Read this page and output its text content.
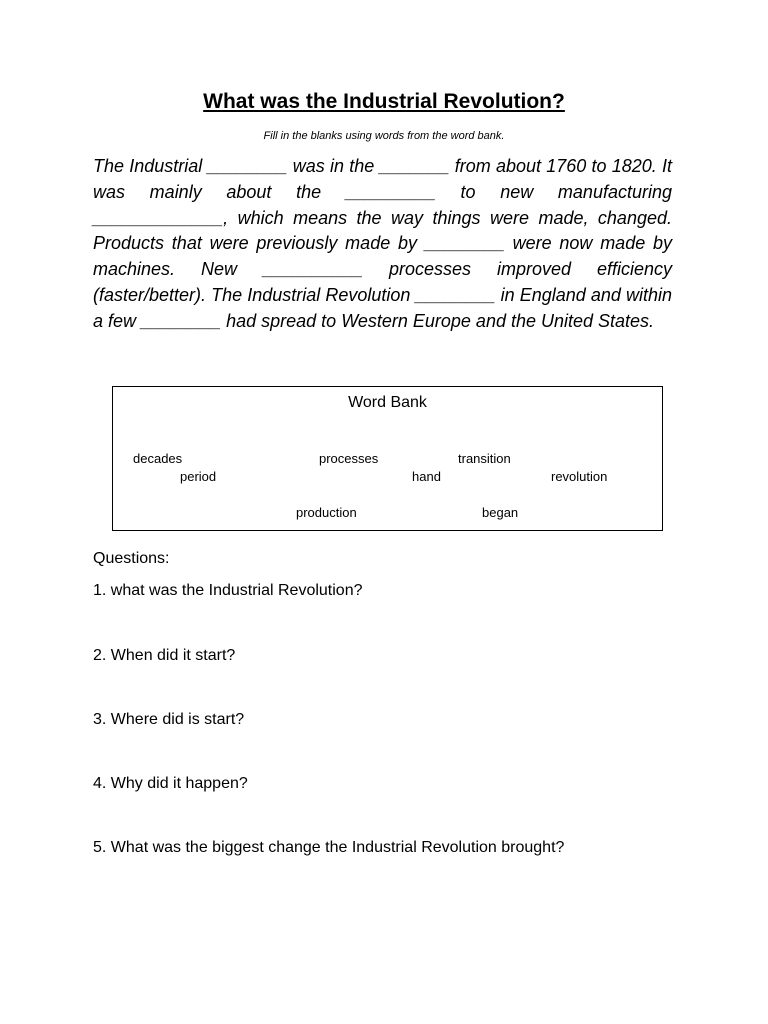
What was the Industrial Revolution?
Fill in the blanks using words from the word bank.

The Industrial ________ was in the _______ from about 1760 to 1820. It was mainly about the _________ to new manufacturing _____________, which means the way things were made, changed. Products that were previously made by ________ were now made by machines. New __________ processes improved efficiency (faster/better). The Industrial Revolution ________ in England and within a few ________ had spread to Western Europe and the United States.

Word Bank
decades	processes	transition
period	hand	revolution
production	began
Questions:
1. what was the Industrial Revolution?
2. When did it start?
3. Where did is start?
4. Why did it happen?
5. What was the biggest change the Industrial Revolution brought?
